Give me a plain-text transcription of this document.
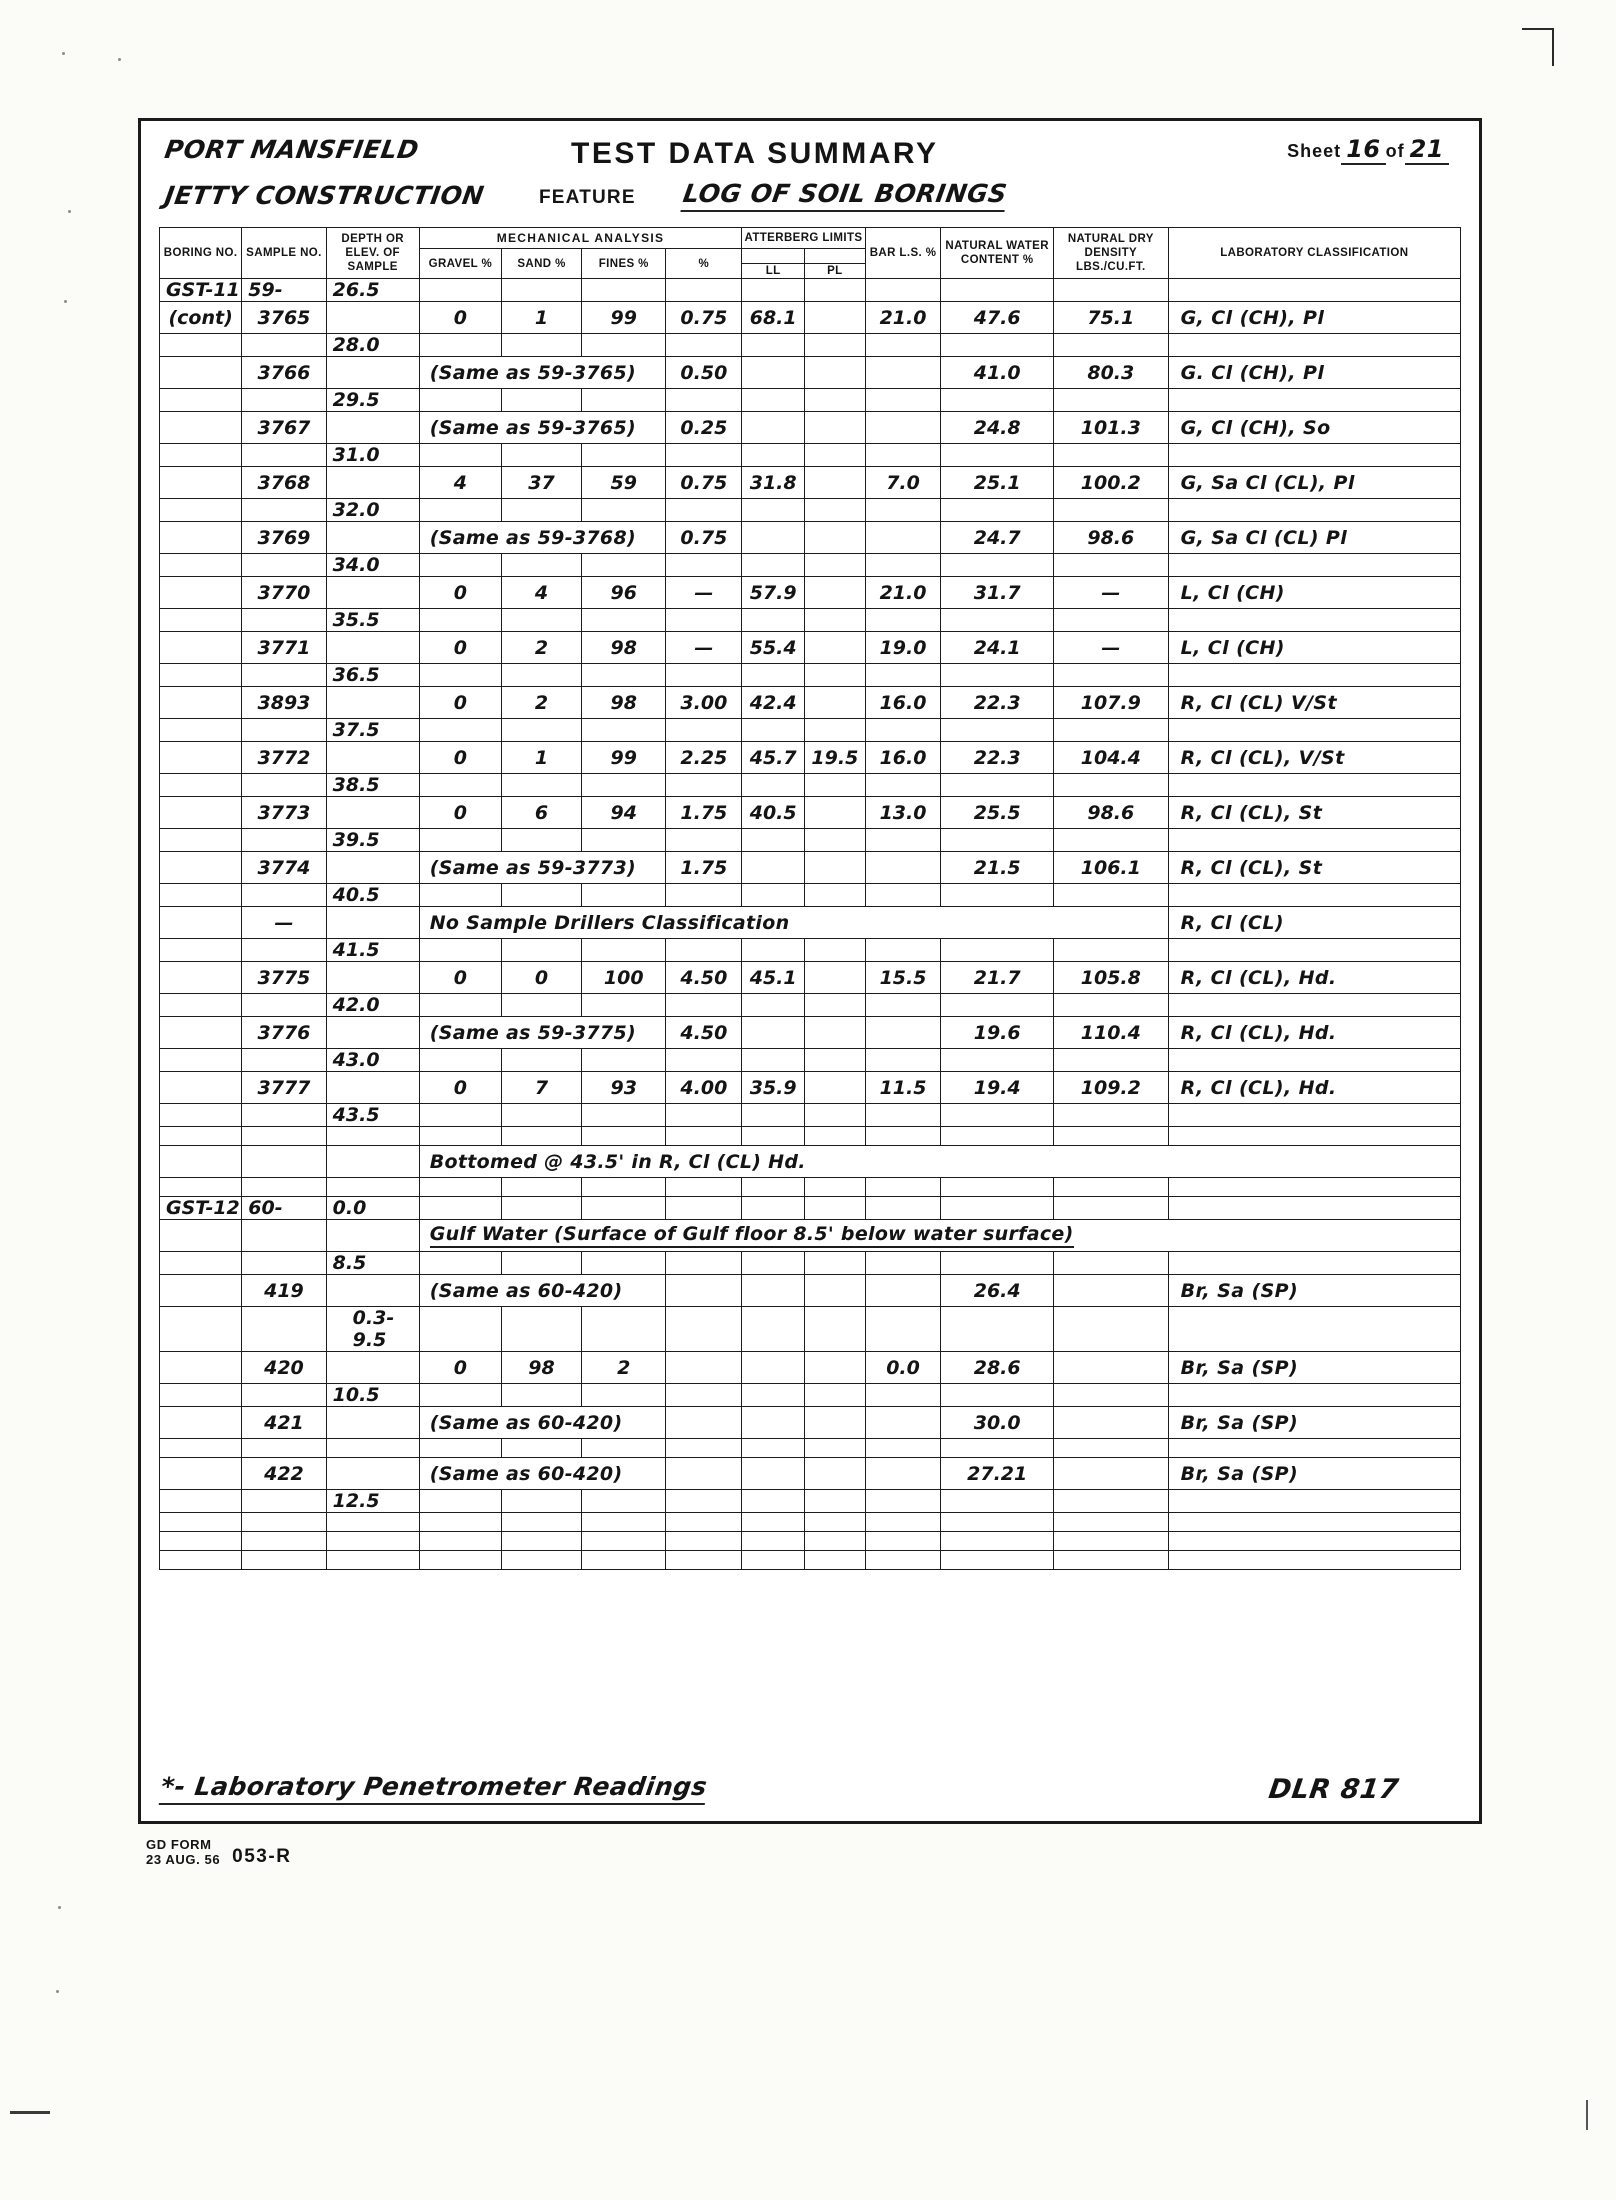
PORT MANSFIELD
JETTY CONSTRUCTION
TEST DATA SUMMARY
FEATURE LOG OF SOIL BORINGS
Sheet 16 of 21
BORING NO.	SAMPLE NO.	DEPTH OR ELEV. OF SAMPLE	MECHANICAL ANALYSIS				ATTERBERG LIMITS		BAR L.S. %	NATURAL WATER CONTENT %	NATURAL DRY DENSITY LBS./CU.FT.	LABORATORY CLASSIFICATION
			GRAVEL %	SAND %	FINES %	%						
							LL	PL				
GST-11	59-	26.5										
(cont)	3765		0	1	99	0.75	68.1		21.0	47.6	75.1	G, Cl (CH), Pl
		28.0										
	3766		(Same as 59-3765)			0.50				41.0	80.3	G. Cl (CH), Pl
		29.5										
	3767		(Same as 59-3765)			0.25				24.8	101.3	G, Cl (CH), So
		31.0										
	3768		4	37	59	0.75	31.8		7.0	25.1	100.2	G, Sa Cl (CL), Pl
		32.0										
	3769		(Same as 59-3768)			0.75				24.7	98.6	G, Sa Cl (CL) Pl
		34.0										
	3770		0	4	96	—	57.9		21.0	31.7	—	L, Cl (CH)
		35.5										
	3771		0	2	98	—	55.4		19.0	24.1	—	L, Cl (CH)
		36.5										
	3893		0	2	98	3.00	42.4		16.0	22.3	107.9	R, Cl (CL) V/St
		37.5										
	3772		0	1	99	2.25	45.7	19.5	16.0	22.3	104.4	R, Cl (CL), V/St
		38.5										
	3773		0	6	94	1.75	40.5		13.0	25.5	98.6	R, Cl (CL), St
		39.5										
	3774		(Same as 59-3773)			1.75				21.5	106.1	R, Cl (CL), St
		40.5										
	—		No Sample Drillers Classification									R, Cl (CL)
		41.5										
	3775		0	0	100	4.50	45.1		15.5	21.7	105.8	R, Cl (CL), Hd.
		42.0										
	3776		(Same as 59-3775)			4.50				19.6	110.4	R, Cl (CL), Hd.
		43.0										
	3777		0	7	93	4.00	35.9		11.5	19.4	109.2	R, Cl (CL), Hd.
		43.5										

			Bottomed @ 43.5' in R, Cl (CL) Hd.									

GST-12	60-	0.0										
			Gulf Water (Surface of Gulf floor 8.5' below water surface)									
		8.5										
	419		(Same as 60-420)							26.4		Br, Sa (SP)
		0.3-9.5										
	420		0	98	2				0.0	28.6		Br, Sa (SP)
		10.5										
	421		(Same as 60-420)							30.0		Br, Sa (SP)

	422		(Same as 60-420)							27.21		Br, Sa (SP)
		12.5										

*- Laboratory Penetrometer Readings	DLR 817
GD FORM
23 AUG. 56 053-R
